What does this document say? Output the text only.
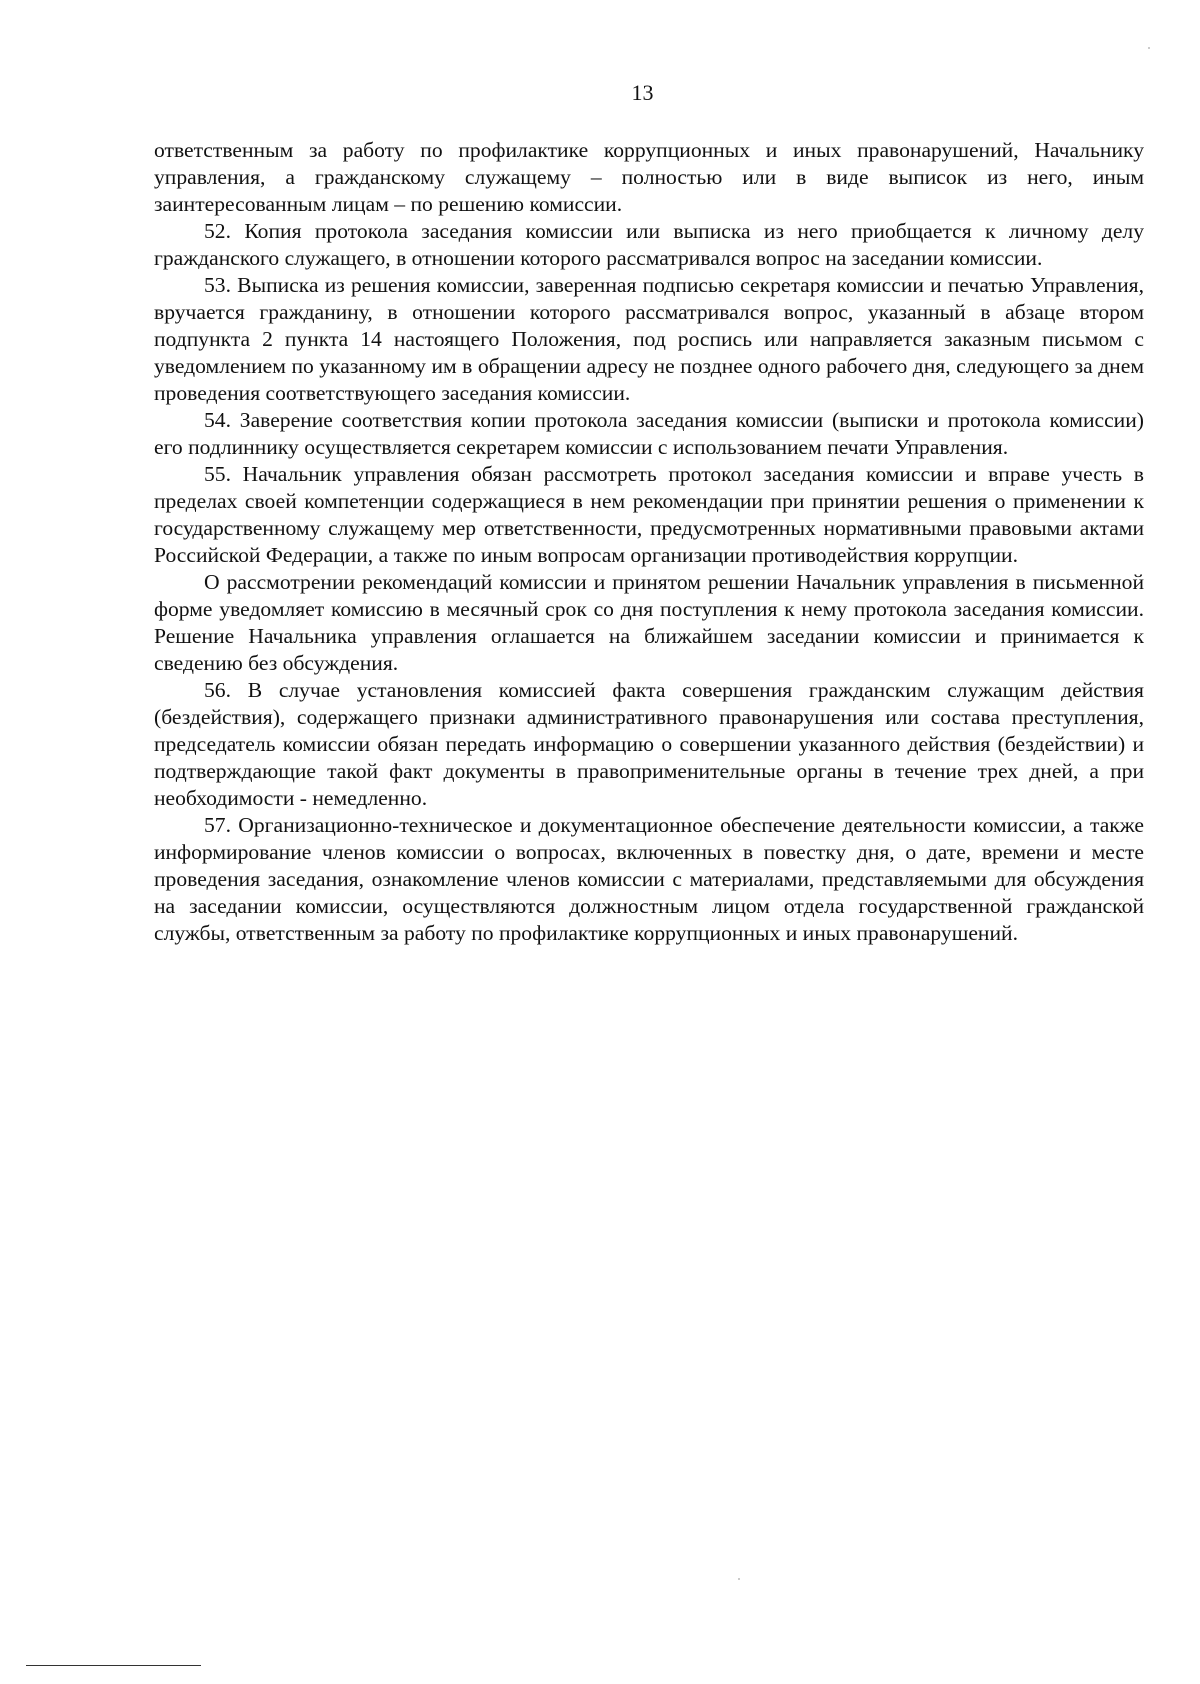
13

ответственным за работу по профилактике коррупционных и иных правонарушений, Начальнику управления, а гражданскому служащему – полностью или в виде выписок из него, иным заинтересованным лицам – по решению комиссии.

52. Копия протокола заседания комиссии или выписка из него приобщается к личному делу гражданского служащего, в отношении которого рассматривался вопрос на заседании комиссии.

53. Выписка из решения комиссии, заверенная подписью секретаря комиссии и печатью Управления, вручается гражданину, в отношении которого рассматривался вопрос, указанный в абзаце втором подпункта 2 пункта 14 настоящего Положения, под роспись или направляется заказным письмом с уведомлением по указанному им в обращении адресу не позднее одного рабочего дня, следующего за днем проведения соответствующего заседания комиссии.

54. Заверение соответствия копии протокола заседания комиссии (выписки и протокола комиссии) его подлиннику осуществляется секретарем комиссии с использованием печати Управления.

55. Начальник управления обязан рассмотреть протокол заседания комиссии и вправе учесть в пределах своей компетенции содержащиеся в нем рекомендации при принятии решения о применении к государственному служащему мер ответственности, предусмотренных нормативными правовыми актами Российской Федерации, а также по иным вопросам организации противодействия коррупции.

О рассмотрении рекомендаций комиссии и принятом решении Начальник управления в письменной форме уведомляет комиссию в месячный срок со дня поступления к нему протокола заседания комиссии. Решение Начальника управления оглашается на ближайшем заседании комиссии и принимается к сведению без обсуждения.

56. В случае установления комиссией факта совершения гражданским служащим действия (бездействия), содержащего признаки административного правонарушения или состава преступления, председатель комиссии обязан передать информацию о совершении указанного действия (бездействии) и подтверждающие такой факт документы в правоприменительные органы в течение трех дней, а при необходимости - немедленно.

57. Организационно-техническое и документационное обеспечение деятельности комиссии, а также информирование членов комиссии о вопросах, включенных в повестку дня, о дате, времени и месте проведения заседания, ознакомление членов комиссии с материалами, представляемыми для обсуждения на заседании комиссии, осуществляются должностным лицом отдела государственной гражданской службы, ответственным за работу по профилактике коррупционных и иных правонарушений.
